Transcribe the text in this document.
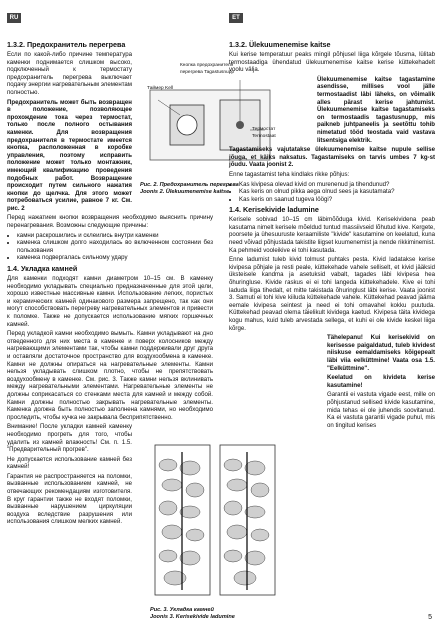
RU	ET
1.3.2. Предохранитель перегрева

Если по какой-либо причине температура каменки поднимается слишком высоко, подключенный к термостату предохранитель перегрева выключает подачу энергии нагревательным элементам полностью.

Предохранитель может быть возвращен в положение, позволяющее прохождение тока через термостат, только после полного остывания каменки. Для возвращения предохранителя в термостате имеется кнопка, расположенная в коробке управления, поэтому исправить положение может только монтажник, имеющий квалификацию проведения подобных работ. Возвращение происходит путем сильного нажатия кнопки до щелчка. Для этого может потребоваться усилие, равное 7 кг. См. рис. 2

Перед нажатием кнопки возвращения необходимо выяснить причину перенагревания. Возможны следующие причины:

• камни раскрошились и склеились внутри каменки
• каменка слишком долго находилась во включенном состоянии без пользования
• каменка подвергалась сильному удару
1.4. Укладка камней

Для каменки подходят камни диаметром 10–15 см. В каменку необходимо укладывать специально предназначенные для этой цели, хорошо известные массивные камни. Использование легких, пористых и керамических камней одинакового размера запрещено, так как они могут способствовать перегреву нагревательных элементов и привести к поломке. Также не допускается использование мягких горшечных камней.

Перед укладкой камни необходимо вымыть. Камни укладывают на дно отведенного для них места в каменке и поверх колосников между нагревающими элементами так, чтобы камни поддерживали друг друга и оставляли достаточное пространство для воздухообмена в каменке. Камни не должны опираться на нагревательные элементы. Камни нельзя укладывать слишком плотно, чтобы не препятствовать воздухообмену в каменке. См. рис. 3. Также камни нельзя вклинивать между нагревательными элементами. Нагревательные элементы не должны соприкасаться со стенками места для камней и между собой. Камни должны полностью закрывать нагревательные элементы. Каменка должна быть полностью заполнена камнями, но необходимо проследить, чтобы кучка не закрывала бесприпятственно.

Внимание! После укладки камней каменку необходимо прогреть для того, чтобы удалить из камней влажность! См. п. 1.5. "Предварительный прогрев".

Не допускается использование камней без камней!

Гарантия не распространяется на поломки, вызванные использованием камней, не отвечающих рекомендациям изготовителя. В круг гарантии также не входят поломки, вызванные нарушением циркуляции воздуха вследствие разрушения или использования слишком мелких камней.

Таймер Kell
Кнопка предохранителя перегрева Tagastusnupp
Термостат Termostaat
Рис. 2. Предохранитель перегрева
Joonis 2. Ülekuumenemise kaitse
Рис. 3. Укладка камней
Joonis 3. Kerisekivide ladumine
1.3.2. Ülekuumenemise kaitse

Kui kerise temperatuur peaks mingil põhjusel liiga kõrgele tõusma, lülitab termostaadiga ühendatud ülekuumenemise kaitse kerise küttekehadelt voolu välja.

Ülekuumenemise kaitse tagastamine asendisse, millises vool jälle termostaadist läbi läheks, on võimalik alles pärast kerise jahtumist. Ülekuumenemise kaitse tagastamiseks on termostaadis tagastusnupp, mis paikneb juhtpaneelis ja seetõttu tohib nimetatud tööd teostada vaid vastava litsentsiga elektrik.

Tagastamiseks vajutatakse ülekuumenemise kaitse nupule sellise jõuga, et käiks naksatus. Tagastamiseks on tarvis umbes 7 kg-st jõudu. Vaata joonist 2.

Enne tagastamist teha kindlaks rikke põhjus:

• Kas kivipesa olevad kivid on murenenud ja tihendunud?
• Kas keris on olnud pikka aega olnud sees ja kasutamata?
• Kas keris on saanud tugeva löögi?
1.4. Kerisekivide ladumine

Kerisele sobivad 10–15 cm läbimõõduga kivid. Kerisekividena peab kasutama nimelt kerisele mõeldud tuntud massiivseid lõhutud kive. Kergete, poorsete ja ühesuuruste keraamiliste "kivide" kasutamine on keelatud, kuna need võivad põhjustada takistite liigset kuumenemist ja nende rikkiminemist. Ka pehmeid vooleikive ei tohi kasutada.

Enne ladumist tuleb kivid tolmust puhtaks pesta. Kivid ladatakse kerise kivipesa põhjale ja resti peale, küttekehade vahele selliselt, et kivid jääksid üksteisele kandma ja asetuksid vabalt, tagades läbi kivipesa hea õhuringluse. Kivide raskus ei ei tohi langeda küttekehadele. Kive ei tohi laduda liiga tihedalt, et mitte takistada õhuringlust läbi kerise. Vaata joonist 3. Samuti ei tohi kive kiiluda küttekehade vahele. Küttekehad peavad jääma eemale kivipesa seintest ja need ei tohi omavahel kokku puutuda. Küttekehad peavad olema täielikult kividega kaetud. Kivipesa täita kividega kogu mahus, kuid tuleb arvestada sellega, et kuhi ei ole kivide keskel liiga kõrge.

Tähelepanu! Kui kerisekivid on kerisesse paigaldatud, tuleb kividest niiskuse eemaldamiseks kõigepealt läbi viia eelküttmine! Vaata osa 1.5. "Eelküttmine".

Keelatud on kivideta kerise kasutamine!

Garantii ei vastuta vigade eest, mille on põhjustanud sellised kivide kasutamine, mida tehas ei ole juhendis soovitanud. Ka ei vastuta garantii vigade puhul, mis on tingitud kerises

5
